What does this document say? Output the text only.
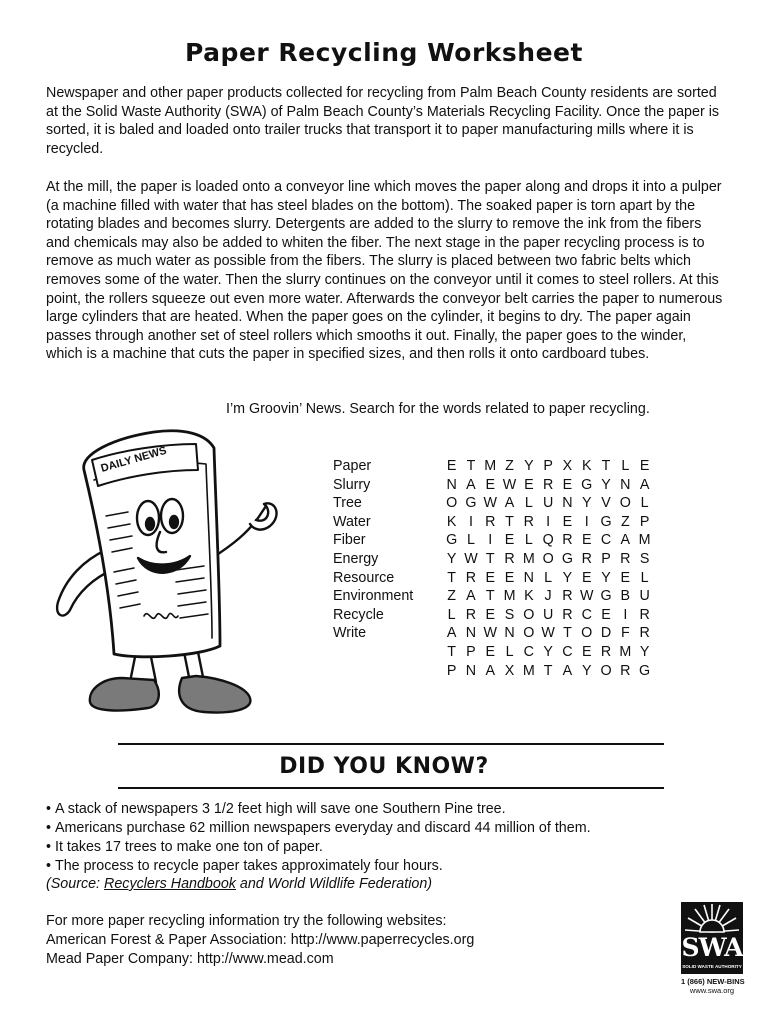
Paper Recycling Worksheet

Newspaper and other paper products collected for recycling from Palm Beach County residents are sorted at the Solid Waste Authority (SWA) of Palm Beach County’s Materials Recycling Facility. Once the paper is sorted, it is baled and loaded onto trailer trucks that transport it to paper manufacturing mills where it is recycled.

At the mill, the paper is loaded onto a conveyor line which moves the paper along and drops it into a pulper (a machine filled with water that has steel blades on the bottom). The soaked paper is torn apart by the rotating blades and becomes slurry. Detergents are added to the slurry to remove the ink from the fibers and chemicals may also be added to whiten the fiber. The next stage in the paper recycling process is to remove as much water as possible from the fibers. The slurry is placed between two fabric belts which removes some of the water. Then the slurry continues on the conveyor until it comes to steel rollers. At this point, the rollers squeeze out even more water. Afterwards the conveyor belt carries the paper to numerous large cylinders that are heated. When the paper goes on the cylinder, it begins to dry. The paper again passes through another set of steel rollers which smooths it out. Finally, the paper goes to the winder, which is a machine that cuts the paper in specified sizes, and then rolls it onto cardboard tubes.

I’m Groovin’ News. Search for the words related to paper recycling.

DAILY NEWS	Paper
Slurry
Tree
Water
Fiber
Energy
Resource
Environment
Recycle
Write
E T M Z Y P X K T L E
N A E W E R E G Y N A
O G W A L U N Y V O L
K I R T R I E I G Z P
G L I E L Q R E C A M
Y W T R M O G R P R S
T R E E N L Y E Y E L
Z A T M K J R W G B U
L R E S O U R C E I R
A N W N O W T O D F R
T P E L C Y C E R M Y
P N A X M T A Y O R G
DID YOU KNOW?
• A stack of newspapers 3 1/2 feet high will save one Southern Pine tree.
• Americans purchase 62 million newspapers everyday and discard 44 million of them.
• It takes 17 trees to make one ton of paper.
• The process to recycle paper takes approximately four hours.

(Source: Recyclers Handbook and World Wildlife Federation)

For more paper recycling information try the following websites:
American Forest & Paper Association: http://www.paperrecycles.org
Mead Paper Company: http://www.mead.com	SWA
SOLID WASTE AUTHORITY
1 (866) NEW-BINS
www.swa.org
